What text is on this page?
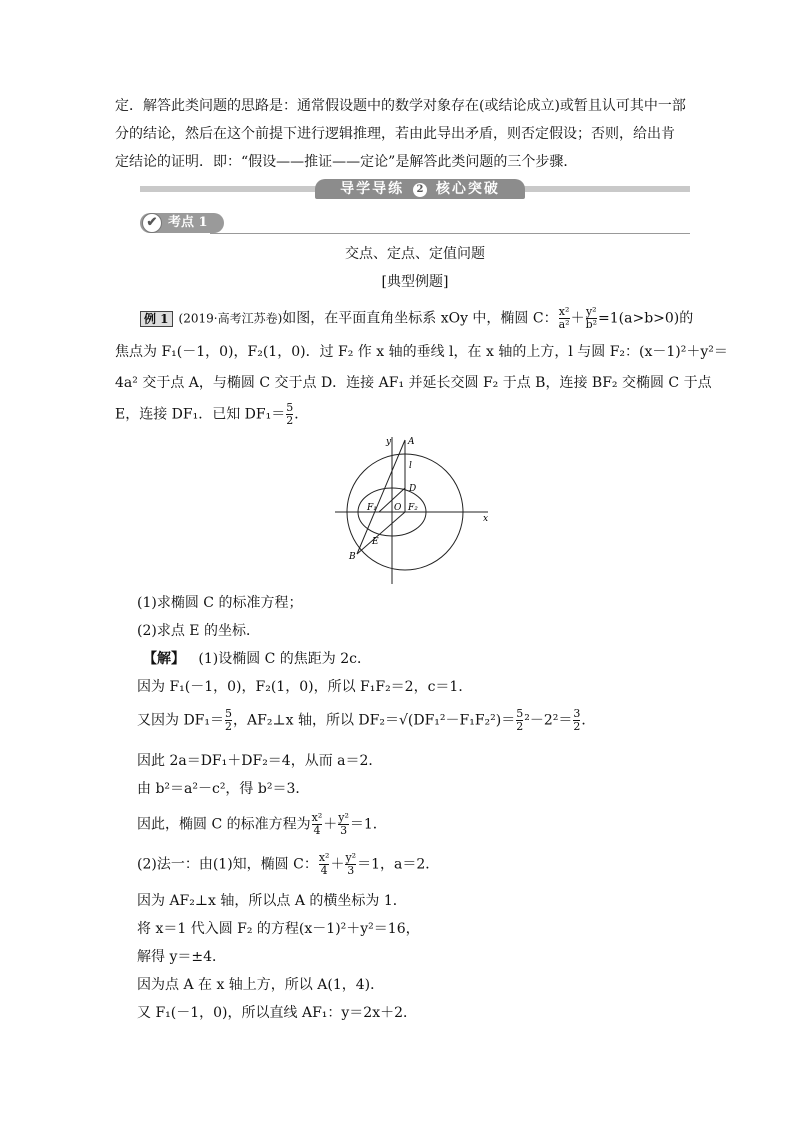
定．解答此类问题的思路是：通常假设题中的数学对象存在(或结论成立)或暂且认可其中一部
分的结论，然后在这个前提下进行逻辑推理，若由此导出矛盾，则否定假设；否则，给出肯
定结论的证明．即：“假设——推证——定论”是解答此类问题的三个步骤．
导学导练 2 核心突破
✔ 考点 1
交点、定点、定值问题
[典型例题]
例 1 (2019·高考江苏卷)如图，在平面直角坐标系 xOy 中，椭圆 C： $\frac{\text{x²}}{\text{a²}} + \frac{\text{y²}}{\text{b²}} =1(a>b>0)$的
焦点为 F₁(－1，0)，F₂(1，0)．过 F₂ 作 x 轴的垂线 l，在 x 轴的上方，l 与圆 F₂：(x－1)²＋y²＝
4a² 交于点 A，与椭圆 C 交于点 D．连接 AF₁ 并延长交圆 F₂ 于点 B，连接 BF₂ 交椭圆 C 于点
E，连接 DF₁．已知 $DF_1= \frac{5}{2}$ ．
y
x
A
l
D
F₁ O F₂
E
B
(1)求椭圆 C 的标准方程；
(2)求点 E 的坐标．
【解】 (1)设椭圆 C 的焦距为 2c．
因为 F₁(－1，0)，F₂(1，0)，所以 F₁F₂＝2，c＝1．
又因为 $DF_1= \frac{5}{2}$ ，AF₂⊥x 轴，所以 $DF_2=√(DF_1^2-F_1F_2^2)= \frac{5}{2} ^2-2^2= \frac{3}{2}$ ．
因此 2a＝DF₁＋DF₂＝4，从而 a＝2．
由 b²＝a²－c²，得 b²＝3．
因此，椭圆 C 的标准方程为 $\frac{\text{x²}}{4} + \frac{\text{y²}}{3} =1$．
(2)法一：由(1)知，椭圆 C： $\frac{\text{x²}}{4} + \frac{\text{y²}}{3} =1$，a＝2．
因为 AF₂⊥x 轴，所以点 A 的横坐标为 1．
将 x＝1 代入圆 F₂ 的方程(x－1)²＋y²＝16，
解得 y＝±4．
因为点 A 在 x 轴上方，所以 A(1，4)．
又 F₁(－1，0)，所以直线 AF₁：y＝2x＋2．
